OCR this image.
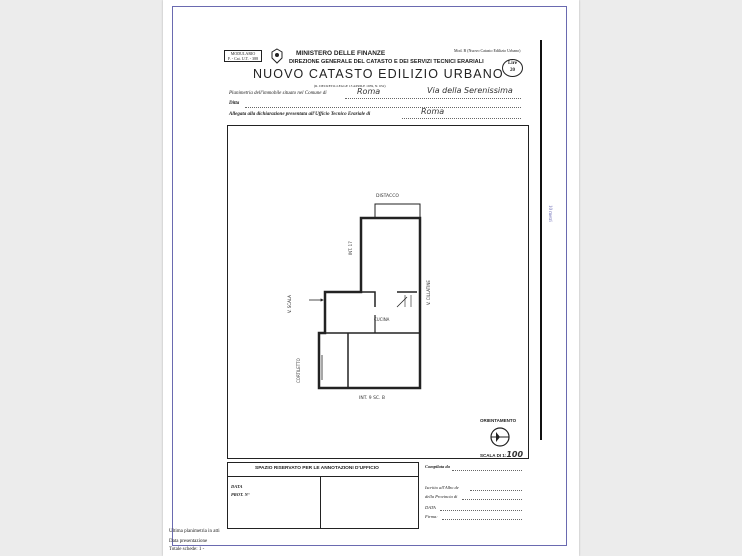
10 metri
MODULARIO
F. - Cat. U.T. - 388
MINISTERO DELLE FINANZE
DIREZIONE GENERALE DEL CATASTO E DEI SERVIZI TECNICI ERARIALI
Mod. B (Nuovo Catasto Edilizio Urbano)
NUOVO CATASTO EDILIZIO URBANO
(R. DECRETO-LEGGE 13 APRILE 1939, N. 652)
Lire
20
Planimetria dell'immobile situato nel Comune di	Roma	Via della Serenissima
Ditta
Allegata alla dichiarazione presentata all'Ufficio Tecnico Erariale di	Roma
DISTACCO
INT. 17
V. CILLATINE
V. SCALA
CUCINA
CORTILETTO
INT. 9 SC. B
ORIENTAMENTO
SCALA DI 1:100
SPAZIO RISERVATO PER LE ANNOTAZIONI D'UFFICIO
DATA
PROT. N°
Compilata da
Iscritto all'Albo de
della Provincia di
DATA
Firma:
Ultima planimetria in atti
Data presentazione
Totale schede: 1 -
